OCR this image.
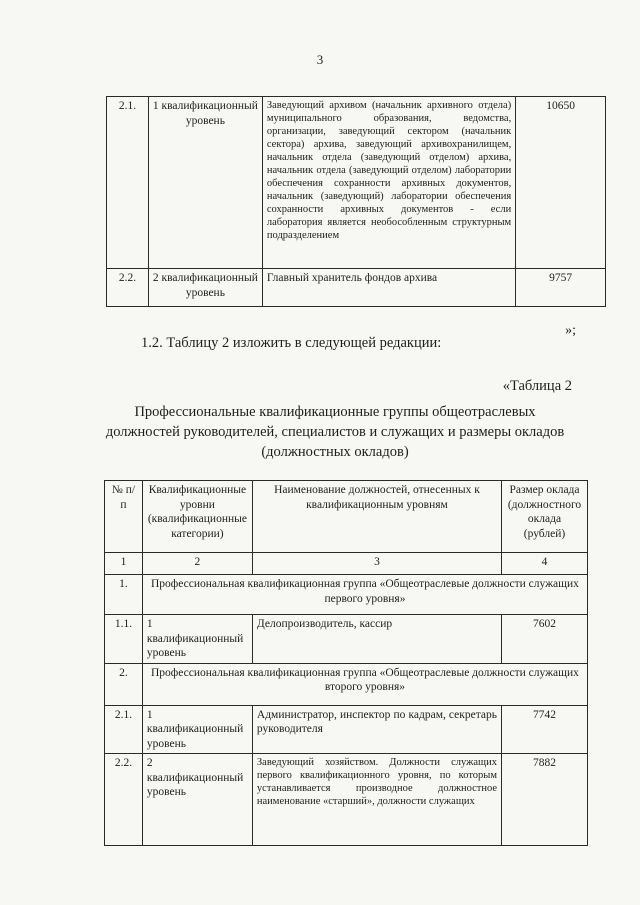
3
2.1.	1 квалификационный уровень	Заведующий архивом (начальник архивного отдела) муниципального образования, ведомства, организации, заведующий сектором (начальник сектора) архива, заведующий архивохранилищем, начальник отдела (заведующий отделом) архива, начальник отдела (заведующий отделом) лаборатории обеспечения сохранности архивных документов, начальник (заведующий) лаборатории обеспечения сохранности архивных документов - если лаборатория является необособленным структурным подразделением	10650
2.2.	2 квалификационный уровень	Главный хранитель фондов архива	9757
»;
1.2. Таблицу 2 изложить в следующей редакции:
«Таблица 2
Профессиональные квалификационные группы общеотраслевых должностей руководителей, специалистов и служащих и размеры окладов (должностных окладов)
№ п/п	Квалификационные уровни (квалификационные категории)	Наименование должностей, отнесенных к квалификационным уровням	Размер оклада (должностного оклада (рублей)
1	2	3	4
1.	Профессиональная квалификационная группа «Общеотраслевые должности служащих первого уровня»		
1.1.	1 квалификационный уровень	Делопроизводитель, кассир	7602
2.	Профессиональная квалификационная группа «Общеотраслевые должности служащих второго уровня»		
2.1.	1 квалификационный уровень	Администратор, инспектор по кадрам, секретарь руководителя	7742
2.2.	2 квалификационный уровень	Заведующий хозяйством. Должности служащих первого квалификационного уровня, по которым устанавливается производное должностное наименование «старший», должности служащих	7882
